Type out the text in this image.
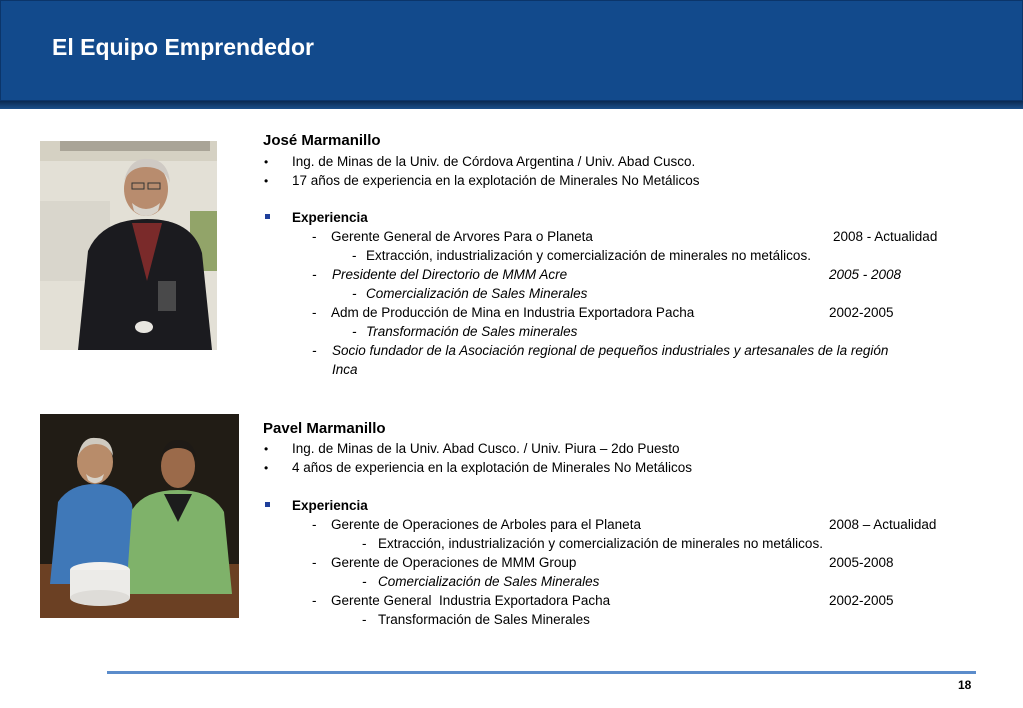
El Equipo Emprendedor
José Marmanillo
• Ing. de Minas de la Univ. de Córdova Argentina / Univ. Abad Cusco.
• 17 años de experiencia en la explotación de Minerales No Metálicos
Experiencia
- Gerente General de Arvores Para o Planeta	2008 - Actualidad
- Extracción, industrialización y comercialización de minerales no metálicos.
- Presidente del Directorio de MMM Acre	2005 - 2008
- Comercialización de Sales Minerales
- Adm de Producción de Mina en Industria Exportadora Pacha	2002-2005
- Transformación de Sales minerales
- Socio fundador de la Asociación regional de pequeños industriales y artesanales de la región
Inca
Pavel Marmanillo
• Ing. de Minas de la Univ. Abad Cusco. / Univ. Piura – 2do Puesto
• 4 años de experiencia en la explotación de Minerales No Metálicos
Experiencia
- Gerente de Operaciones de Arboles para el Planeta	2008 – Actualidad
- Extracción, industrialización y comercialización de minerales no metálicos.
- Gerente de Operaciones de MMM Group	2005-2008
- Comercialización de Sales Minerales
- Gerente General  Industria Exportadora Pacha	2002-2005
- Transformación de Sales Minerales
18
